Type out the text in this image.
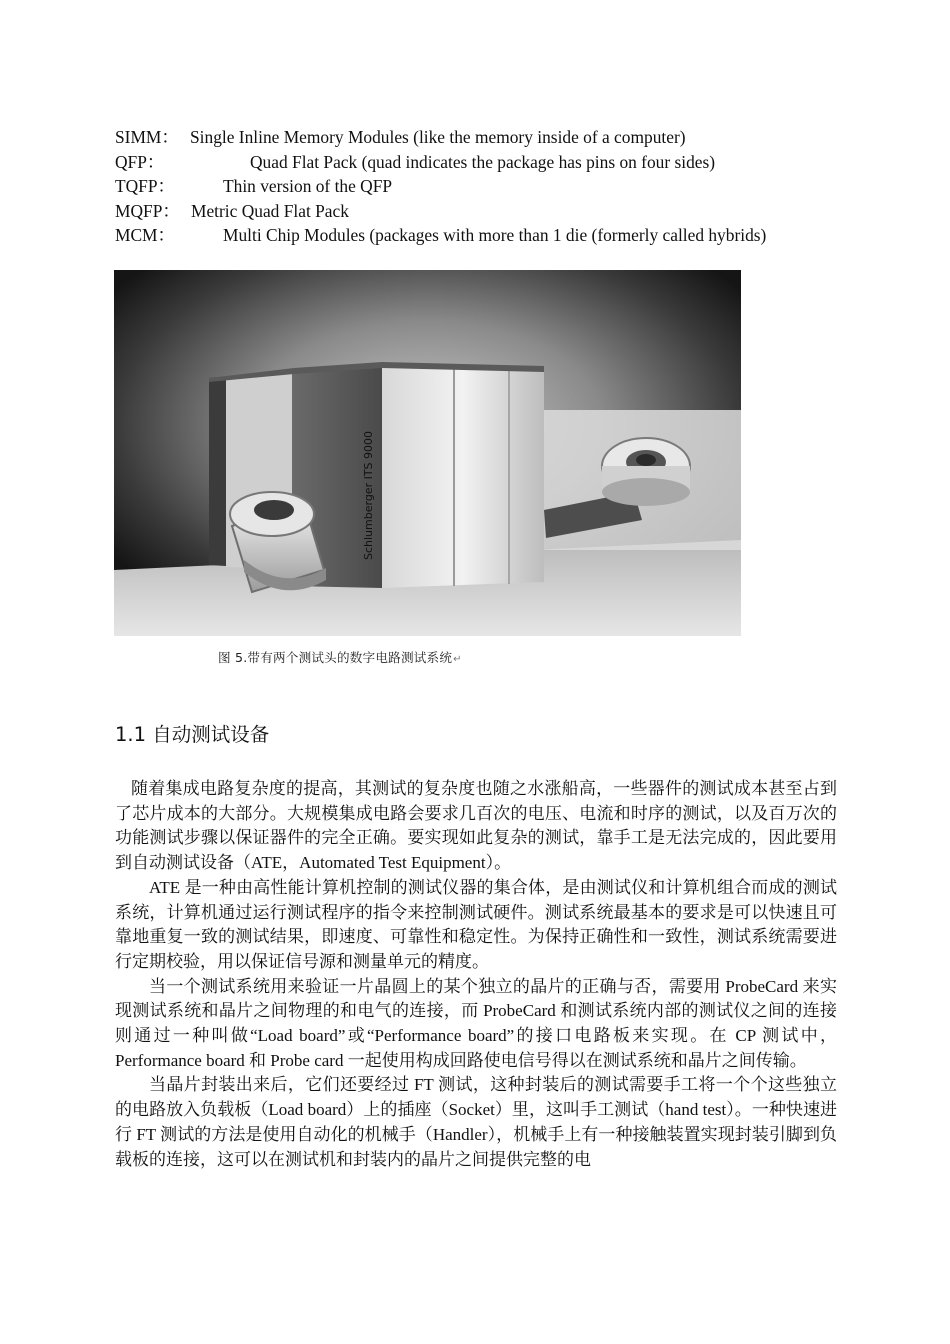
SIMM： Single Inline Memory Modules (like the memory inside of a computer)
QFP：	Quad Flat Pack (quad indicates the package has pins on four sides)
TQFP：	Thin version of the QFP
MQFP： Metric Quad Flat Pack
MCM：	Multi Chip Modules (packages with more than 1 die (formerly called hybrids)
Schlumberger ITS 9000
图 5.带有两个测试头的数字电路测试系统↵
1.1 自动测试设备

随着集成电路复杂度的提高，其测试的复杂度也随之水涨船高，一些器件的测试成本甚至占到了芯片成本的大部分。大规模集成电路会要求几百次的电压、电流和时序的测试，以及百万次的功能测试步骤以保证器件的完全正确。要实现如此复杂的测试，靠手工是无法完成的，因此要用到自动测试设备（ATE，Automated Test Equipment）。

ATE 是一种由高性能计算机控制的测试仪器的集合体，是由测试仪和计算机组合而成的测试系统，计算机通过运行测试程序的指令来控制测试硬件。测试系统最基本的要求是可以快速且可靠地重复一致的测试结果，即速度、可靠性和稳定性。为保持正确性和一致性，测试系统需要进行定期校验，用以保证信号源和测量单元的精度。

当一个测试系统用来验证一片晶圆上的某个独立的晶片的正确与否，需要用 ProbeCard 来实现测试系统和晶片之间物理的和电气的连接，而 ProbeCard 和测试系统内部的测试仪之间的连接则通过一种叫做“Load board”或“Performance board”的接口电路板来实现。在 CP 测试中，Performance board 和 Probe card 一起使用构成回路使电信号得以在测试系统和晶片之间传输。

当晶片封装出来后，它们还要经过 FT 测试，这种封装后的测试需要手工将一个个这些独立的电路放入负载板（Load board）上的插座（Socket）里，这叫手工测试（hand test）。一种快速进行 FT 测试的方法是使用自动化的机械手（Handler），机械手上有一种接触装置实现封装引脚到负载板的连接，这可以在测试机和封装内的晶片之间提供完整的电
